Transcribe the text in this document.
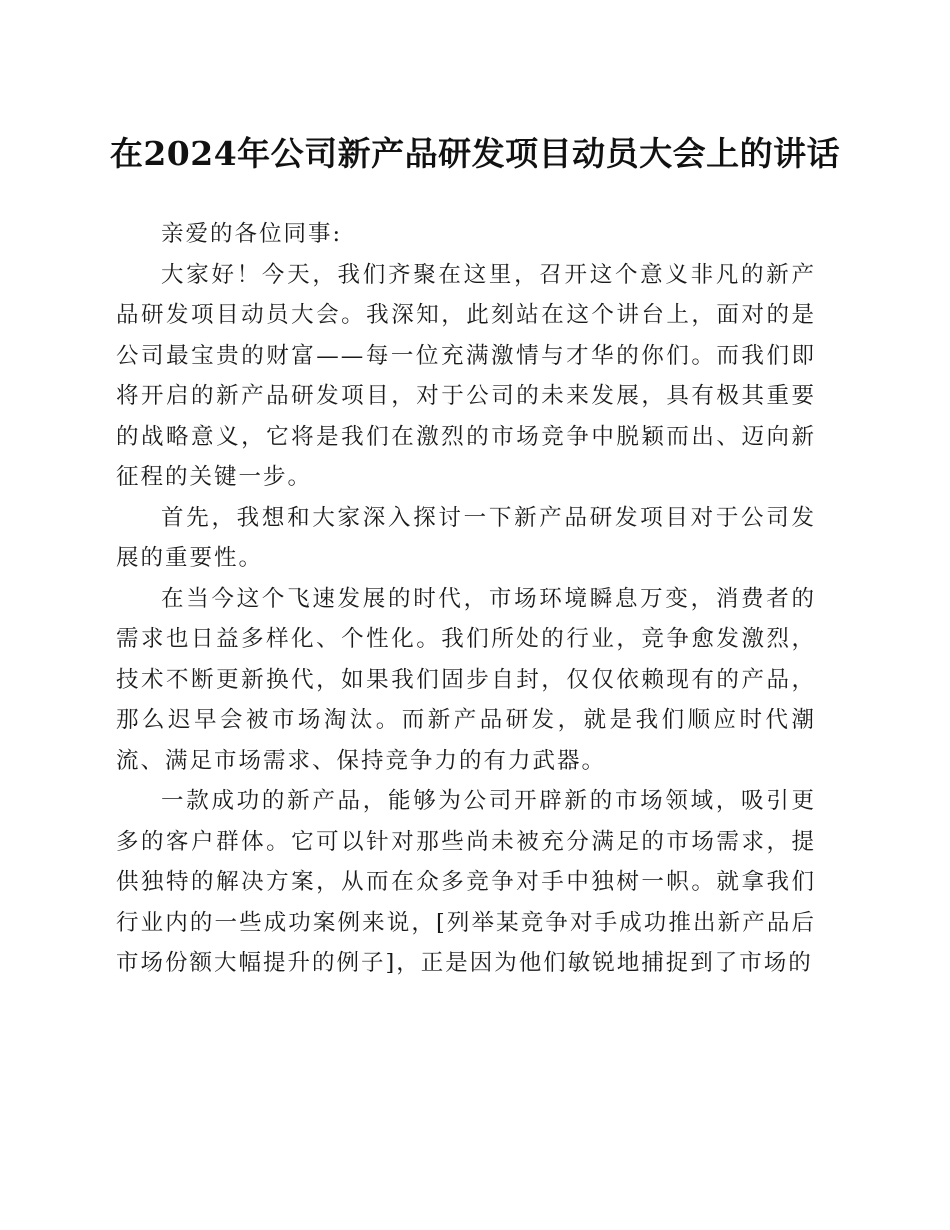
在2024年公司新产品研发项目动员大会上的讲话

亲爱的各位同事:

大家好！今天，我们齐聚在这里，召开这个意义非凡的新产品研发项目动员大会。我深知，此刻站在这个讲台上，面对的是公司最宝贵的财富——每一位充满激情与才华的你们。而我们即将开启的新产品研发项目，对于公司的未来发展，具有极其重要的战略意义，它将是我们在激烈的市场竞争中脱颖而出、迈向新征程的关键一步。

首先，我想和大家深入探讨一下新产品研发项目对于公司发展的重要性。

在当今这个飞速发展的时代，市场环境瞬息万变，消费者的需求也日益多样化、个性化。我们所处的行业，竞争愈发激烈，技术不断更新换代，如果我们固步自封，仅仅依赖现有的产品，那么迟早会被市场淘汰。而新产品研发，就是我们顺应时代潮流、满足市场需求、保持竞争力的有力武器。

一款成功的新产品，能够为公司开辟新的市场领域，吸引更多的客户群体。它可以针对那些尚未被充分满足的市场需求，提供独特的解决方案，从而在众多竞争对手中独树一帜。就拿我们行业内的一些成功案例来说，[列举某竞争对手成功推出新产品后市场份额大幅提升的例子]，正是因为他们敏锐地捕捉到了市场的
